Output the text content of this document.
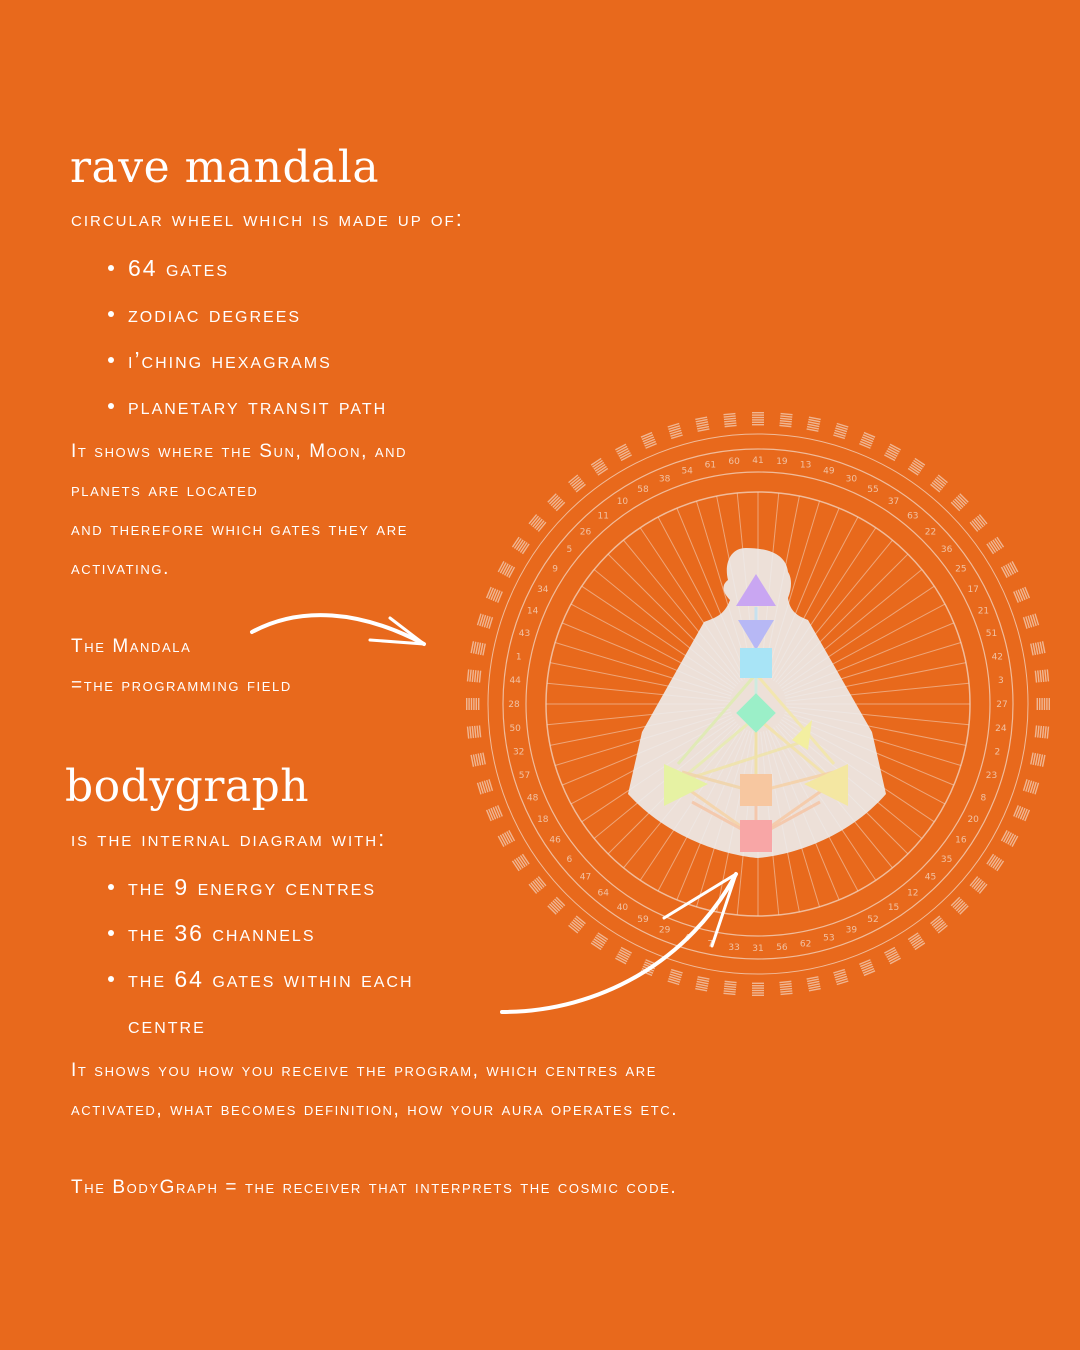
rave mandala

circular wheel which is made up of:

64 gates
zodiac degrees
i’ching hexagrams
planetary transit path
It shows where the Sun, Moon, and
planets are located
and therefore which gates they are
activating.
The Mandala
=the programming field
bodygraph

is the internal diagram with:

the 9 energy centres
the 36 channels
the 64 gates within each centre
It shows you how you receive the program, which centres are
activated, what becomes definition, how your aura operates etc.

The BodyGraph = the receiver that interprets the cosmic code.

41 19 13
49
30
55
37
63
22
36
25
17
21
51
42
3
27
24
2
23
8
20
16
35
45
12
15
52
39
53
62
56
31
33
7
4
29
59
40
64
47
6
46
18
48
57
32
50
28
44
1
43
14
34
9
5
26
11
10
58
38
54
61 60
